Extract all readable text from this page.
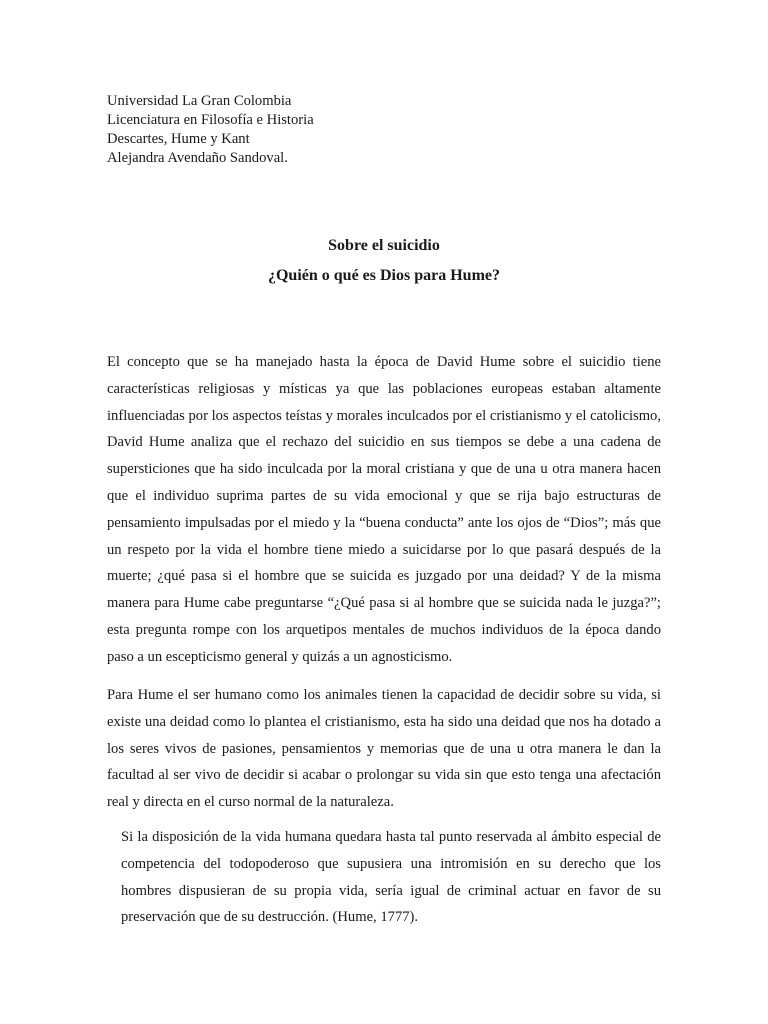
Universidad La Gran Colombia
Licenciatura en Filosofía e Historia
Descartes, Hume y Kant
Alejandra Avendaño Sandoval.
Sobre el suicidio
¿Quién o qué es Dios para Hume?

El concepto que se ha manejado hasta la época de David Hume sobre el suicidio tiene características religiosas y místicas ya que las poblaciones europeas estaban altamente influenciadas por los aspectos teístas y morales inculcados por el cristianismo y el catolicismo, David Hume analiza que el rechazo del suicidio en sus tiempos se debe a una cadena de supersticiones que ha sido inculcada por la moral cristiana y que de una u otra manera hacen que el individuo suprima partes de su vida emocional y que se rija bajo estructuras de pensamiento impulsadas por el miedo y la “buena conducta” ante los ojos de “Dios”; más que un respeto por la vida el hombre tiene miedo a suicidarse por lo que pasará después de la muerte; ¿qué pasa si el hombre que se suicida es juzgado por una deidad? Y de la misma manera para Hume cabe preguntarse “¿Qué pasa si al hombre que se suicida nada le juzga?”; esta pregunta rompe con los arquetipos mentales de muchos individuos de la época dando paso a un escepticismo general y quizás a un agnosticismo.

Para Hume el ser humano como los animales tienen la capacidad de decidir sobre su vida, si existe una deidad como lo plantea el cristianismo, esta ha sido una deidad que nos ha dotado a los seres vivos de pasiones, pensamientos y memorias que de una u otra manera le dan la facultad al ser vivo de decidir si acabar o prolongar su vida sin que esto tenga una afectación real y directa en el curso normal de la naturaleza.

Si la disposición de la vida humana quedara hasta tal punto reservada al ámbito especial de competencia del todopoderoso que supusiera una intromisión en su derecho que los hombres dispusieran de su propia vida, sería igual de criminal actuar en favor de su preservación que de su destrucción. (Hume, 1777).
